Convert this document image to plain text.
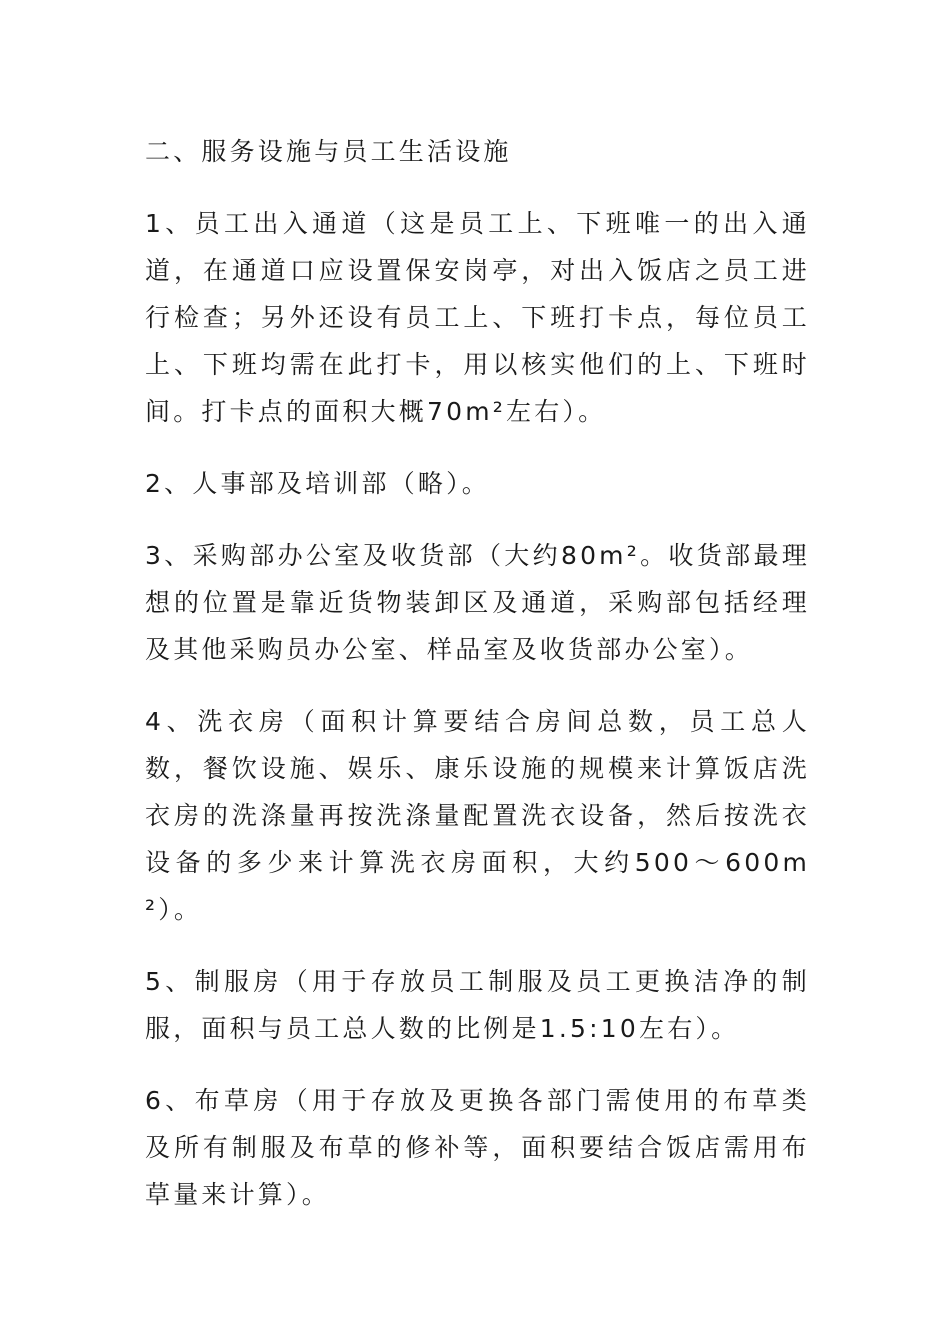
二、服务设施与员工生活设施

1、员工出入通道（这是员工上、下班唯一的出入通道，在通道口应设置保安岗亭，对出入饭店之员工进行检查；另外还设有员工上、下班打卡点，每位员工上、下班均需在此打卡，用以核实他们的上、下班时间。打卡点的面积大概70m²左右）。

2、人事部及培训部（略）。

3、采购部办公室及收货部（大约80m²。收货部最理想的位置是靠近货物装卸区及通道，采购部包括经理及其他采购员办公室、样品室及收货部办公室）。

4、洗衣房（面积计算要结合房间总数，员工总人数，餐饮设施、娱乐、康乐设施的规模来计算饭店洗衣房的洗涤量再按洗涤量配置洗衣设备，然后按洗衣设备的多少来计算洗衣房面积，大约500～600m²）。

5、制服房（用于存放员工制服及员工更换洁净的制服，面积与员工总人数的比例是1.5:10左右）。

6、布草房（用于存放及更换各部门需使用的布草类及所有制服及布草的修补等，面积要结合饭店需用布草量来计算）。
